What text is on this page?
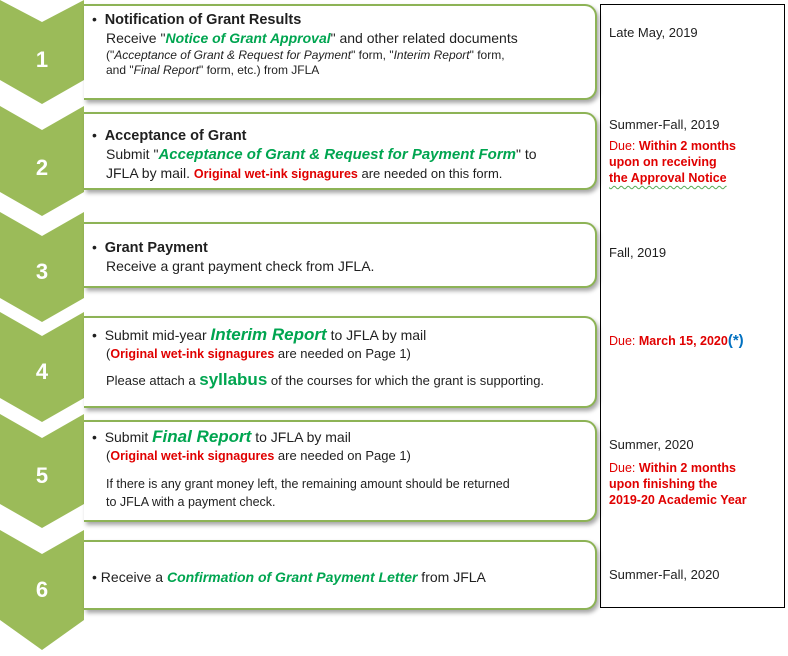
1
2
3
4
5
6
•  Notification of Grant Results
Receive "Notice of Grant Approval" and other related documents
("Acceptance of Grant & Request for Payment" form, "Interim Report" form,
and "Final Report" form, etc.) from JFLA
•  Acceptance of Grant
Submit "Acceptance of Grant & Request for Payment Form" to
JFLA by mail. Original wet-ink signagures are needed on this form.
•  Grant Payment
Receive a grant payment check from JFLA.
•  Submit mid-year Interim Report to JFLA by mail
(Original wet-ink signagures are needed on Page 1)
Please attach a syllabus of the courses for which the grant is supporting.
•  Submit Final Report to JFLA by mail
(Original wet-ink signagures are needed on Page 1)
If there is any grant money left, the remaining amount should be returned
to JFLA with a payment check.
• Receive a Confirmation of Grant Payment Letter from JFLA
Late May, 2019
Summer-Fall, 2019
Due: Within 2 months
upon on receiving
the Approval Notice
Fall, 2019
Due: March 15, 2020(*)
Summer, 2020
Due: Within 2 months
upon finishing the
2019-20 Academic Year
Summer-Fall, 2020
